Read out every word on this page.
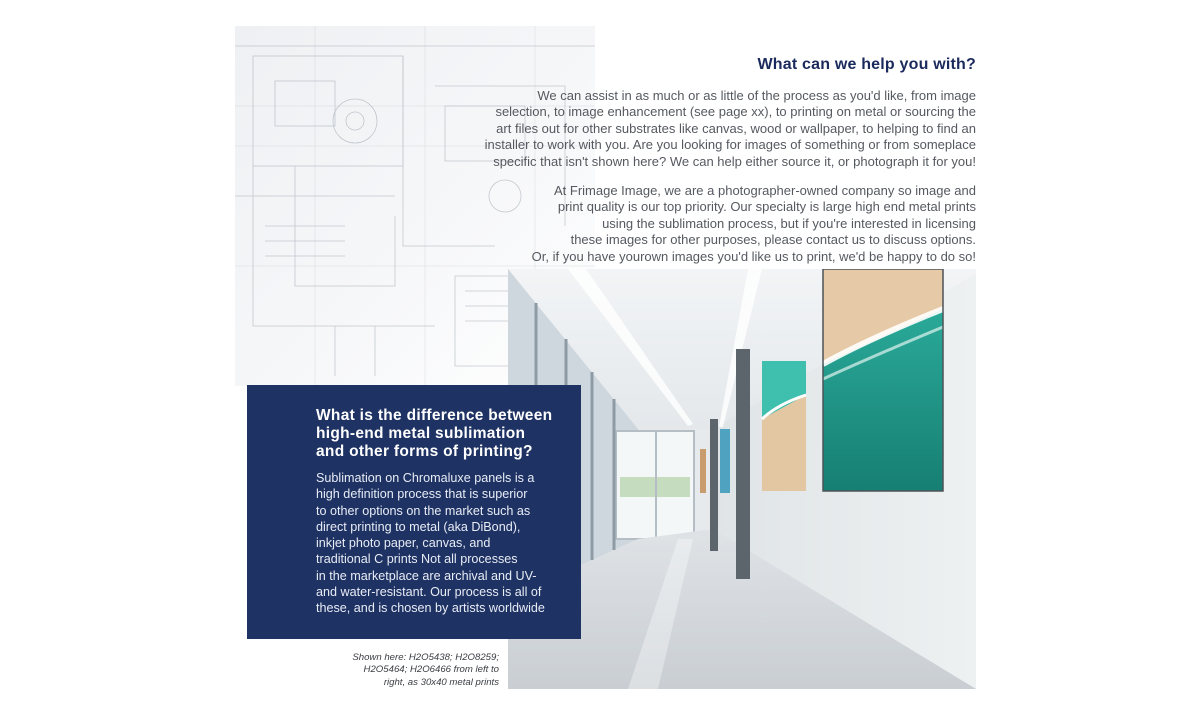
What can we help you with?

We can assist in as much or as little of the process as you'd like, from image
selection, to image enhancement (see page xx), to printing on metal or sourcing the
art files out for other substrates like canvas, wood or wallpaper, to helping to find an
installer to work with you. Are you looking for images of something or from someplace
specific that isn't shown here? We can help either source it, or photograph it for you!

At Frimage Image, we are a photographer-owned company so image and
print quality is our top priority. Our specialty is large high end metal prints
using the sublimation process, but if you're interested in licensing
these images for other purposes, please contact us to discuss options.
Or, if you have yourown images you'd like us to print, we'd be happy to do so!

What is the difference between
high-end metal sublimation
and other forms of printing?

Sublimation on Chromaluxe panels is a
high definition process that is superior
to other options on the market such as
direct printing to metal (aka DiBond),
inkjet photo paper, canvas, and
traditional C prints Not all processes
in the marketplace are archival and UV-
and water-resistant. Our process is all of
these, and is chosen by artists worldwide

Shown here: H2O5438; H2O8259;
H2O5464; H2O6466 from left to
right, as 30x40 metal prints
